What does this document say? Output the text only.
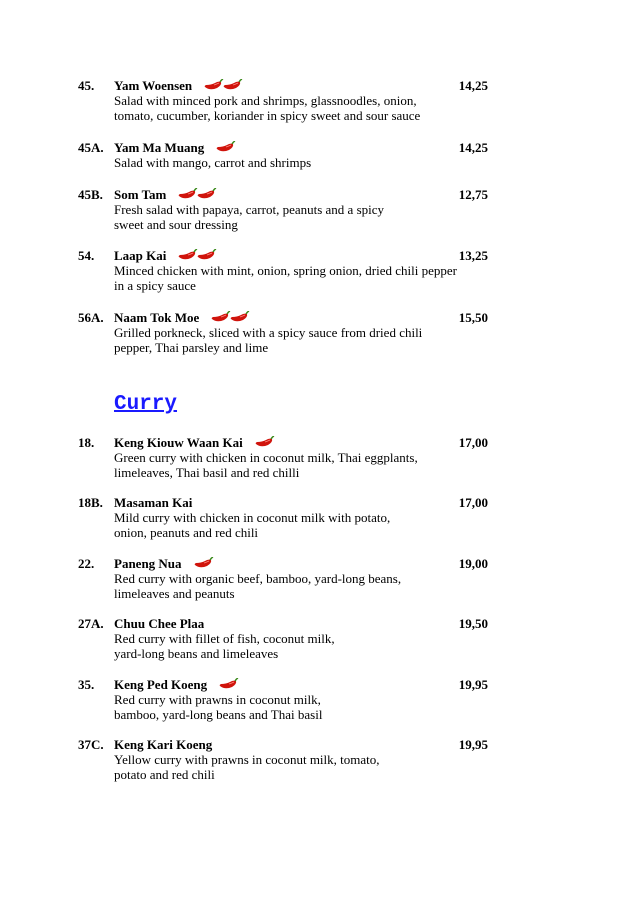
Curry
45. Yam Woensen	14,25
Salad with minced pork and shrimps, glassnoodles, onion,
tomato, cucumber, koriander in spicy sweet and sour sauce
45A. Yam Ma Muang	14,25
Salad with mango, carrot and shrimps
45B. Som Tam	12,75
Fresh salad with papaya, carrot, peanuts and a spicy
sweet and sour dressing
54. Laap Kai	13,25
Minced chicken with mint, onion, spring onion, dried chili pepper
in a spicy sauce
56A. Naam Tok Moe	15,50
Grilled porkneck, sliced with a spicy sauce from dried chili
pepper, Thai parsley and lime
18. Keng Kiouw Waan Kai	17,00
Green curry with chicken in coconut milk, Thai eggplants,
limeleaves, Thai basil and red chilli
18B. Masaman Kai	17,00
Mild curry with chicken in coconut milk with potato,
onion, peanuts and red chili
22. Paneng Nua	19,00
Red curry with organic beef, bamboo, yard-long beans,
limeleaves and peanuts
27A. Chuu Chee Plaa	19,50
Red curry with fillet of fish, coconut milk,
yard-long beans and limeleaves
35. Keng Ped Koeng	19,95
Red curry with prawns in coconut milk,
bamboo, yard-long beans and Thai basil
37C. Keng Kari Koeng	19,95
Yellow curry with prawns in coconut milk, tomato,
potato and red chili
